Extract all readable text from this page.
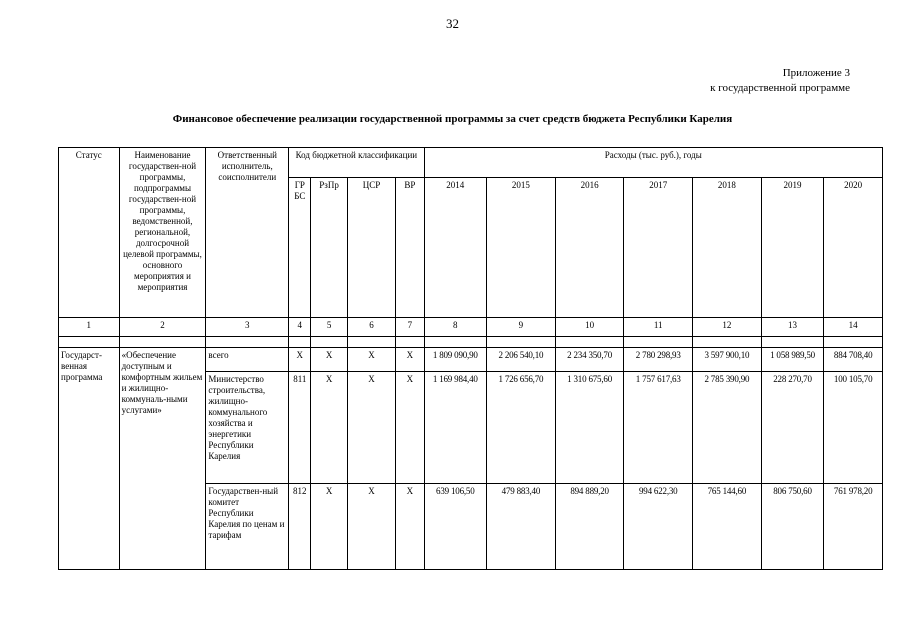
32
Приложение 3
к государственной программе
Финансовое обеспечение реализации государственной программы за счет средств бюджета Республики Карелия
Статус	Наименование государствен-ной программы, подпрограммы государствен-ной программы, ведомственной, региональной, долгосрочной целевой программы, основного мероприятия и мероприятия	Ответственный исполнитель, соисполнители	Код бюджетной классификации				Расходы (тыс. руб.), годы						
			ГР БС	РзПр	ЦСР	ВР	2014	2015	2016	2017	2018	2019	2020
1	2	3	4	5	6	7	8	9	10	11	12	13	14

Государст-венная программа	«Обеспечение доступным и комфортным жильем и жилищно-коммуналь-ными услугами»	всего	Х	Х	Х	Х	1 809 090,90	2 206 540,10	2 234 350,70	2 780 298,93	3 597 900,10	1 058 989,50	884 708,40
		Министерство строительства, жилищно-коммунального хозяйства и энергетики Республики Карелия	811	Х	Х	Х	1 169 984,40	1 726 656,70	1 310 675,60	1 757 617,63	2 785 390,90	228 270,70	100 105,70
		Государствен-ный комитет Республики Карелия по ценам и тарифам	812	Х	Х	Х	639 106,50	479 883,40	894 889,20	994 622,30	765 144,60	806 750,60	761 978,20
